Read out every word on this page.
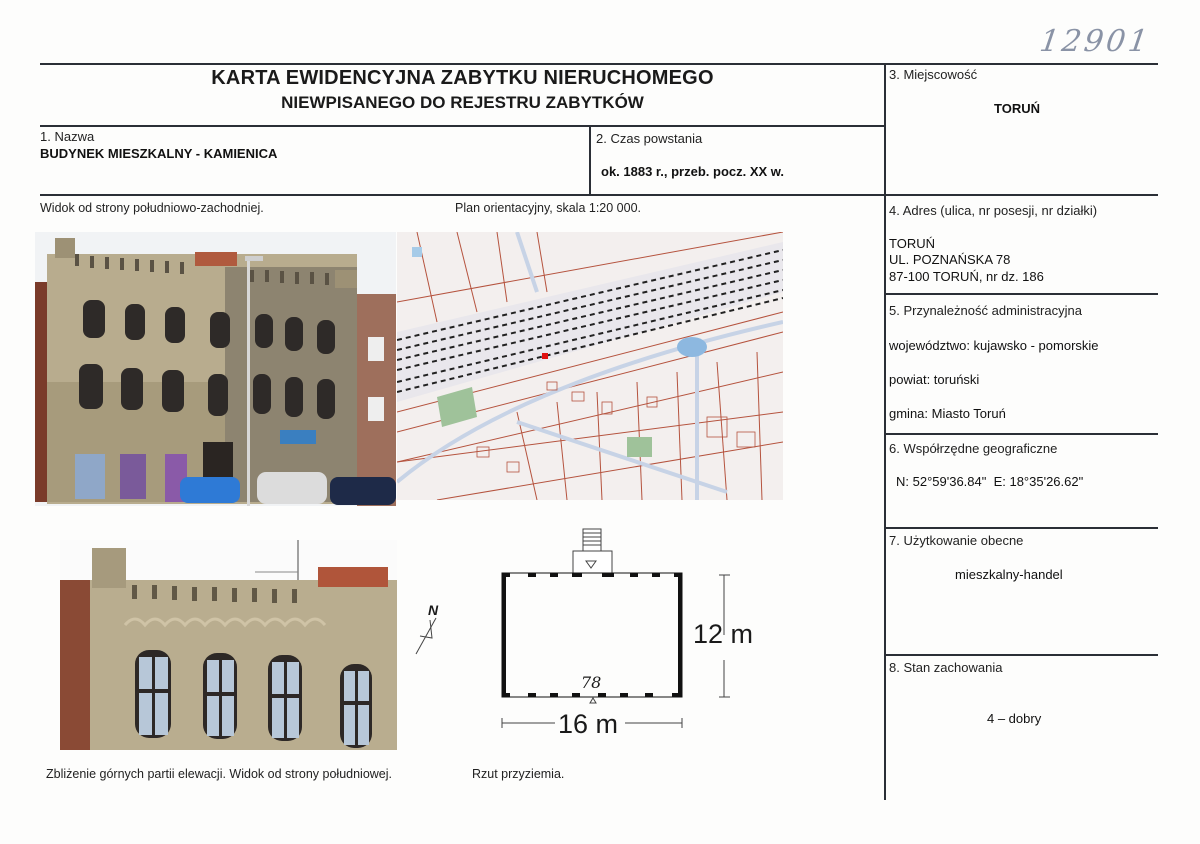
12901
KARTA EWIDENCYJNA ZABYTKU NIERUCHOMEGO
NIEWPISANEGO DO REJESTRU ZABYTKÓW
1. Nazwa
BUDYNEK MIESZKALNY - KAMIENICA
2. Czas powstania
ok. 1883 r., przeb. pocz. XX w.
3. Miejscowość
TORUŃ
4. Adres (ulica, nr posesji, nr działki)
TORUŃ
UL. POZNAŃSKA 78
87-100 TORUŃ, nr dz. 186
5. Przynależność administracyjna
województwo: kujawsko - pomorskie
powiat: toruński
gmina: Miasto Toruń
6. Współrzędne geograficzne
N: 52°59'36.84"  E: 18°35'26.62"
7. Użytkowanie obecne
mieszkalny-handel
8. Stan zachowania
4 – dobry
Widok od strony południowo-zachodniej.	Plan orientacyjny, skala 1:20 000.
Zbliżenie górnych partii elewacji. Widok od strony południowej.	Rzut przyziemia.
N
78
12 m
16 m
